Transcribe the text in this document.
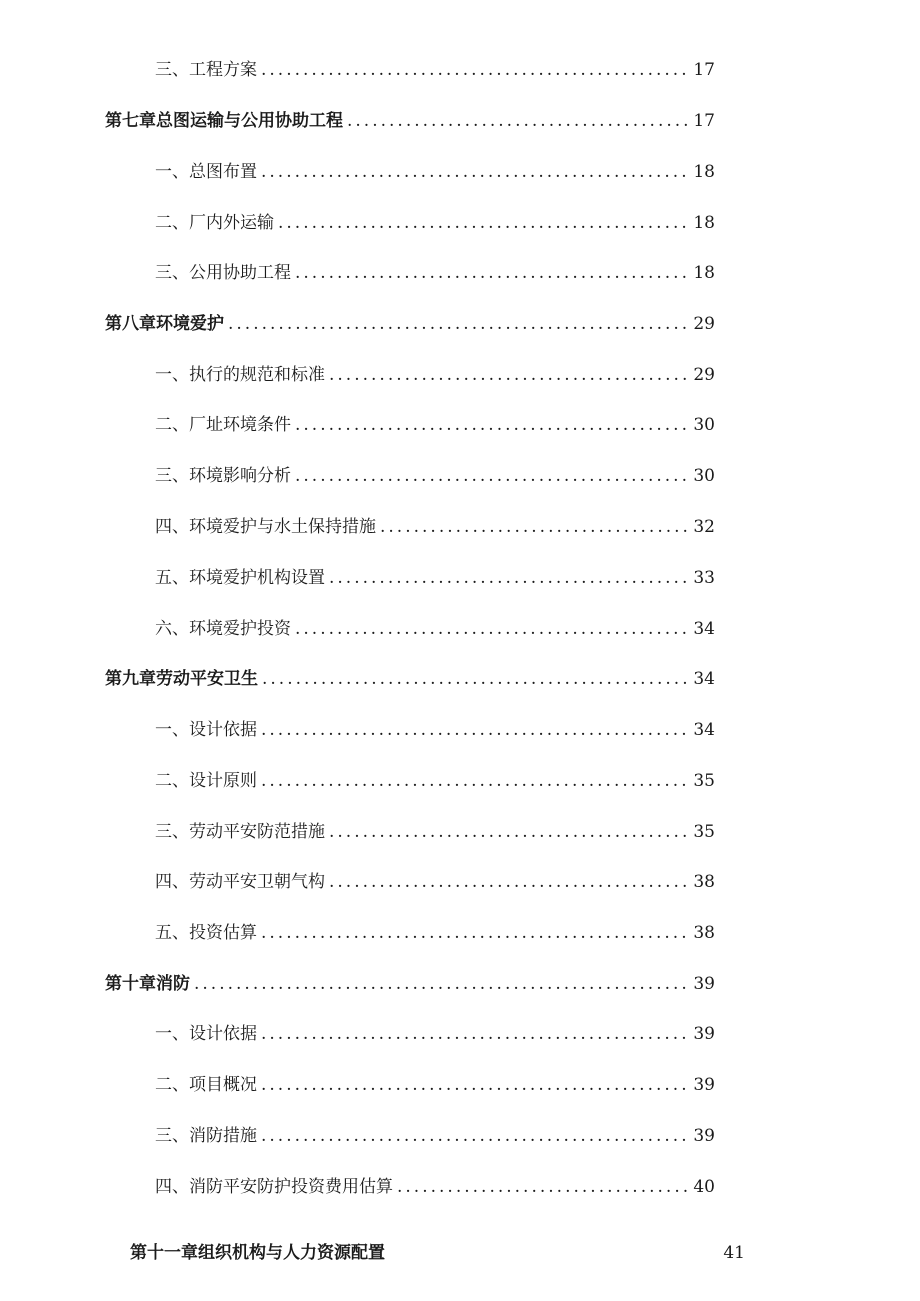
三、工程方案 .....	17
第七章总图运输与公用协助工程 .....	17
一、总图布置 .....	18
二、厂内外运输 .....	18
三、公用协助工程 .....	18
第八章环境爱护 .....	29
一、执行的规范和标准 .....	29
二、厂址环境条件 .....	30
三、环境影响分析 .....	30
四、环境爱护与水土保持措施 .....	32
五、环境爱护机构设置 .....	33
六、环境爱护投资 .....	34
第九章劳动平安卫生 .....	34
一、设计依据 .....	34
二、设计原则 .....	35
三、劳动平安防范措施 .....	35
四、劳动平安卫朝气构 .....	38
五、投资估算 .....	38
第十章消防 .....	39
一、设计依据 .....	39
二、项目概况 .....	39
三、消防措施 .....	39
四、消防平安防护投资费用估算 .....	40
第十一章组织机构与人力资源配置	41
